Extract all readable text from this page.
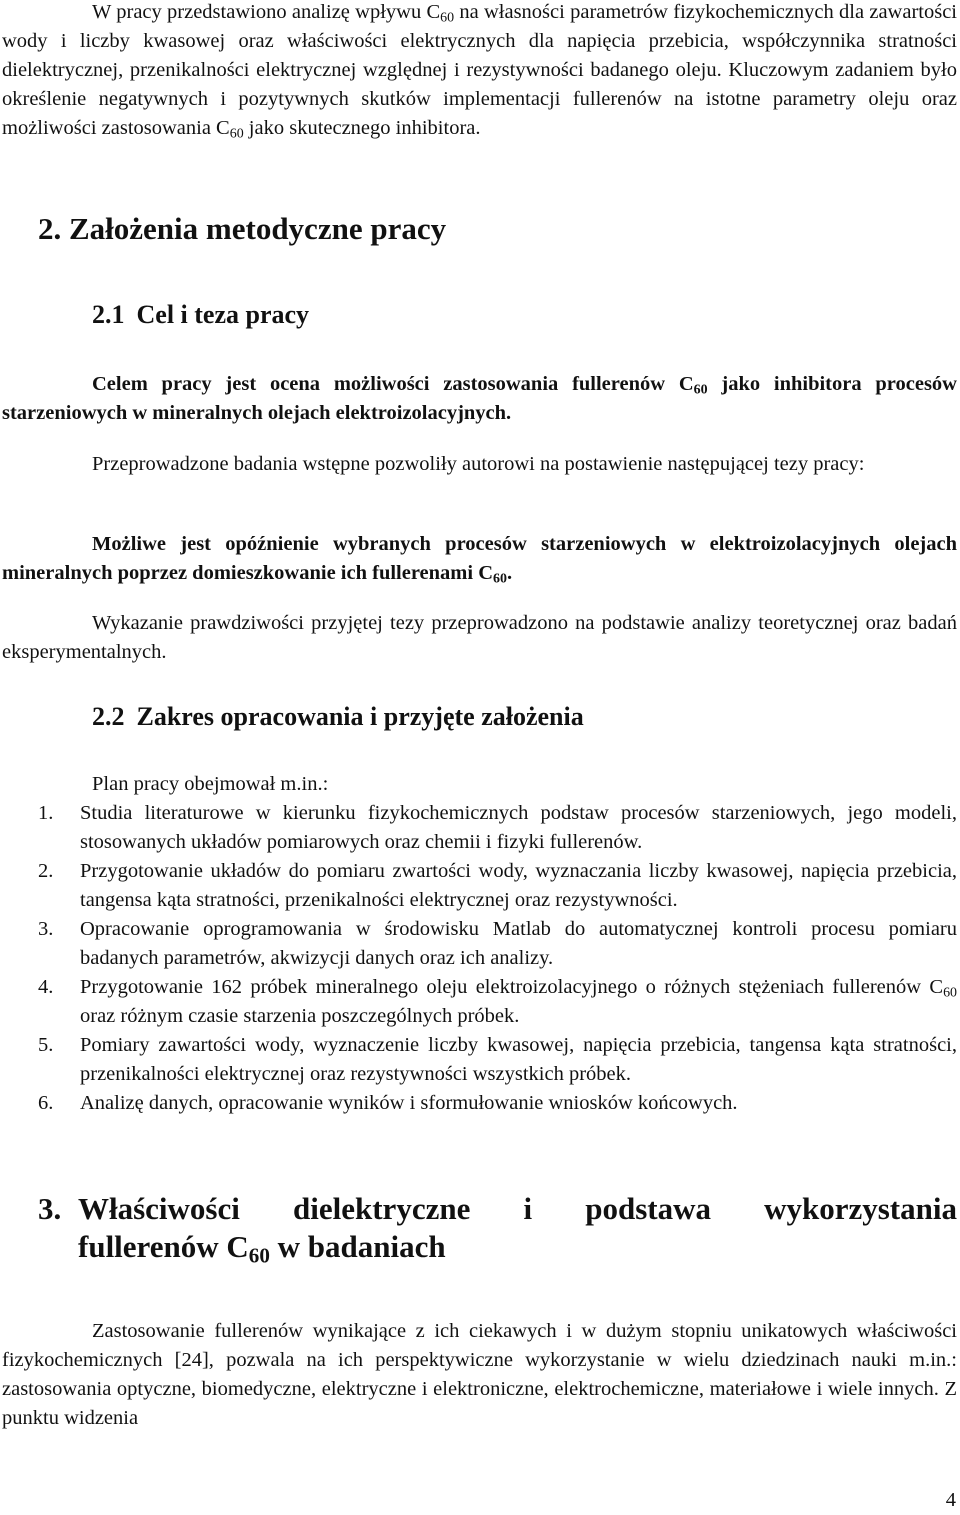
W pracy przedstawiono analizę wpływu $C_{60}$ na własności parametrów fizykochemicznych dla zawartości wody i liczby kwasowej oraz właściwości elektrycznych dla napięcia przebicia, współczynnika stratności dielektrycznej, przenikalności elektrycznej względnej i rezystywności badanego oleju. Kluczowym zadaniem było określenie negatywnych i pozytywnych skutków implementacji fullerenów na istotne parametry oleju oraz możliwości zastosowania $C_{60}$ jako skutecznego inhibitora.

2. Założenia metodyczne pracy
2.1 Cel i teza pracy

Celem pracy jest ocena możliwości zastosowania fullerenów $C_{60}$ jako inhibitora procesów starzeniowych w mineralnych olejach elektroizolacyjnych.

Przeprowadzone badania wstępne pozwoliły autorowi na postawienie następującej tezy pracy:

Możliwe jest opóźnienie wybranych procesów starzeniowych w elektroizolacyjnych olejach mineralnych poprzez domieszkowanie ich fullerenami $C_{60}$.

Wykazanie prawdziwości przyjętej tezy przeprowadzono na podstawie analizy teoretycznej oraz badań eksperymentalnych.

2.2 Zakres opracowania i przyjęte założenia

Plan pracy obejmował m.in.:

1. Studia literaturowe w kierunku fizykochemicznych podstaw procesów starzeniowych, jego modeli, stosowanych układów pomiarowych oraz chemii i fizyki fullerenów.
2. Przygotowanie układów do pomiaru zwartości wody, wyznaczania liczby kwasowej, napięcia przebicia, tangensa kąta stratności, przenikalności elektrycznej oraz rezystywności.
3. Opracowanie oprogramowania w środowisku Matlab do automatycznej kontroli procesu pomiaru badanych parametrów, akwizycji danych oraz ich analizy.
4. Przygotowanie 162 próbek mineralnego oleju elektroizolacyjnego o różnych stężeniach fullerenów $C_{60}$ oraz różnym czasie starzenia poszczególnych próbek.
5. Pomiary zawartości wody, wyznaczenie liczby kwasowej, napięcia przebicia, tangensa kąta stratności, przenikalności elektrycznej oraz rezystywności wszystkich próbek.
6. Analizę danych, opracowanie wyników i sformułowanie wniosków końcowych.
3. Właściwości dielektryczne i podstawa wykorzystania
fullerenów $C_{60}$ w badaniach

Zastosowanie fullerenów wynikające z ich ciekawych i w dużym stopniu unikatowych właściwości fizykochemicznych [24], pozwala na ich perspektywiczne wykorzystanie w wielu dziedzinach nauki m.in.: zastosowania optyczne, biomedyczne, elektryczne i elektroniczne, elektrochemiczne, materiałowe i wiele innych. Z punktu widzenia

4
